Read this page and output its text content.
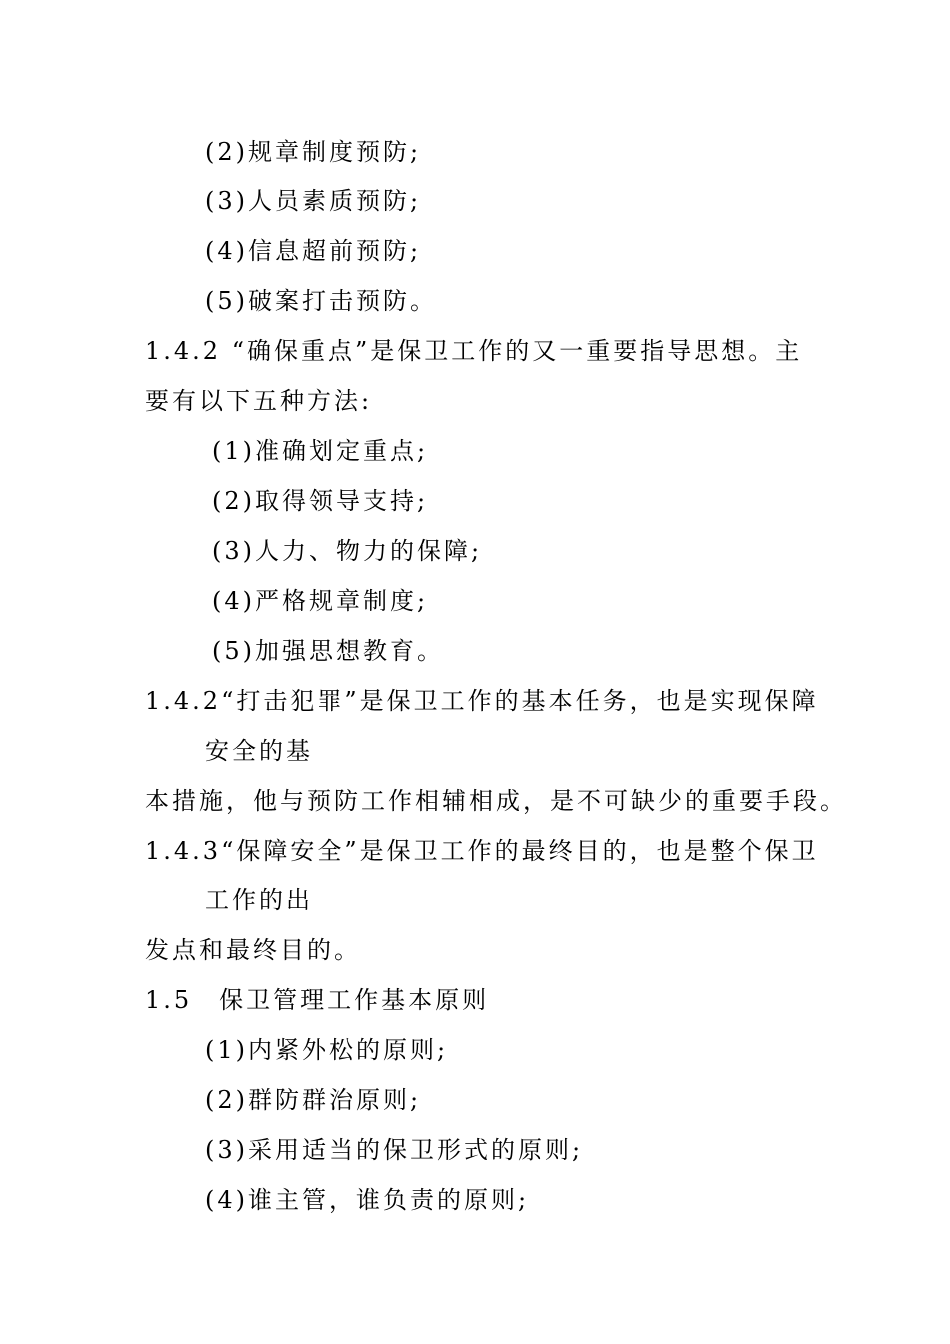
(2)规章制度预防;
(3)人员素质预防;
(4)信息超前预防;
(5)破案打击预防。
1.4.2 “确保重点”是保卫工作的又一重要指导思想。主
要有以下五种方法:
(1)准确划定重点;
(2)取得领导支持;
(3)人力、物力的保障;
(4)严格规章制度;
(5)加强思想教育。
1.4.2“打击犯罪”是保卫工作的基本任务，也是实现保障
安全的基
本措施，他与预防工作相辅相成，是不可缺少的重要手段。
1.4.3“保障安全”是保卫工作的最终目的，也是整个保卫
工作的出
发点和最终目的。
1.5　保卫管理工作基本原则
(1)内紧外松的原则;
(2)群防群治原则;
(3)采用适当的保卫形式的原则;
(4)谁主管，谁负责的原则;
